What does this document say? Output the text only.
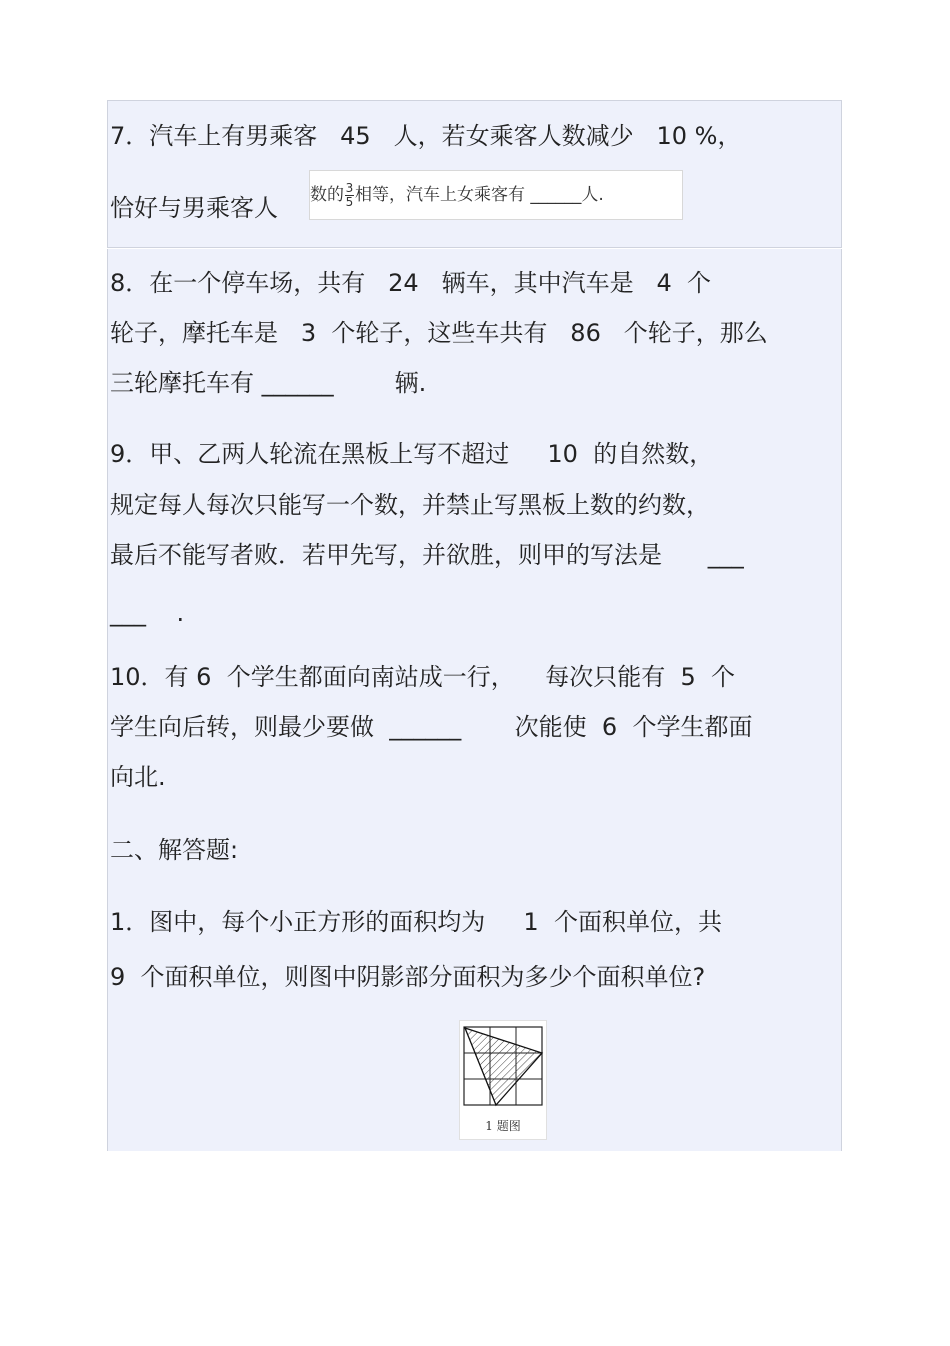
7．汽车上有男乘客   45   人，若女乘客人数减少   10 %，
恰好与男乘客人 数的$\frac{3}{5}$相等，汽车上女乘客有 ______人.
8．在一个停车场，共有   24   辆车，其中汽车是   4  个
轮子，摩托车是   3  个轮子，这些车共有   86   个轮子，那么
三轮摩托车有 ______        辆.
9．甲、乙两人轮流在黑板上写不超过     10  的自然数，
规定每人每次只能写一个数，并禁止写黑板上数的约数，
最后不能写者败．若甲先写，并欲胜，则甲的写法是      ___
___    .
10．有 6  个学生都面向南站成一行，    每次只能有  5  个
学生向后转，则最少要做  ______       次能使  6  个学生都面
向北.
二、解答题:
1．图中，每个小正方形的面积均为     1  个面积单位，共
9  个面积单位，则图中阴影部分面积为多少个面积单位?
1 题图
